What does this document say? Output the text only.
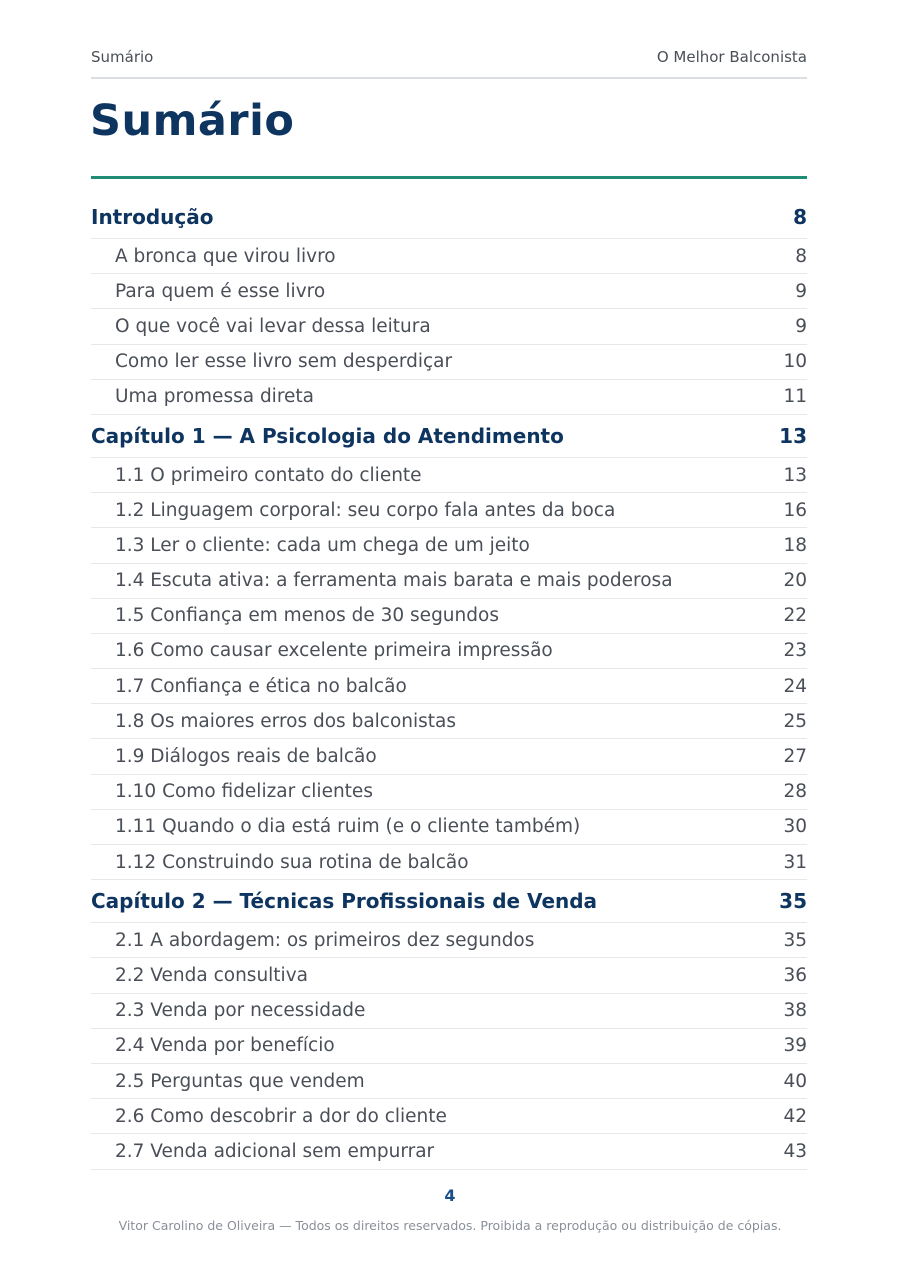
Sumário	O Melhor Balconista
Sumário
Introdução	8
A bronca que virou livro	8
Para quem é esse livro	9
O que você vai levar dessa leitura	9
Como ler esse livro sem desperdiçar	10
Uma promessa direta	11
Capítulo 1 — A Psicologia do Atendimento	13
1.1 O primeiro contato do cliente	13
1.2 Linguagem corporal: seu corpo fala antes da boca	16
1.3 Ler o cliente: cada um chega de um jeito	18
1.4 Escuta ativa: a ferramenta mais barata e mais poderosa	20
1.5 Confiança em menos de 30 segundos	22
1.6 Como causar excelente primeira impressão	23
1.7 Confiança e ética no balcão	24
1.8 Os maiores erros dos balconistas	25
1.9 Diálogos reais de balcão	27
1.10 Como fidelizar clientes	28
1.11 Quando o dia está ruim (e o cliente também)	30
1.12 Construindo sua rotina de balcão	31
Capítulo 2 — Técnicas Profissionais de Venda	35
2.1 A abordagem: os primeiros dez segundos	35
2.2 Venda consultiva	36
2.3 Venda por necessidade	38
2.4 Venda por benefício	39
2.5 Perguntas que vendem	40
2.6 Como descobrir a dor do cliente	42
2.7 Venda adicional sem empurrar	43
4
Vitor Carolino de Oliveira — Todos os direitos reservados. Proibida a reprodução ou distribuição de cópias.
